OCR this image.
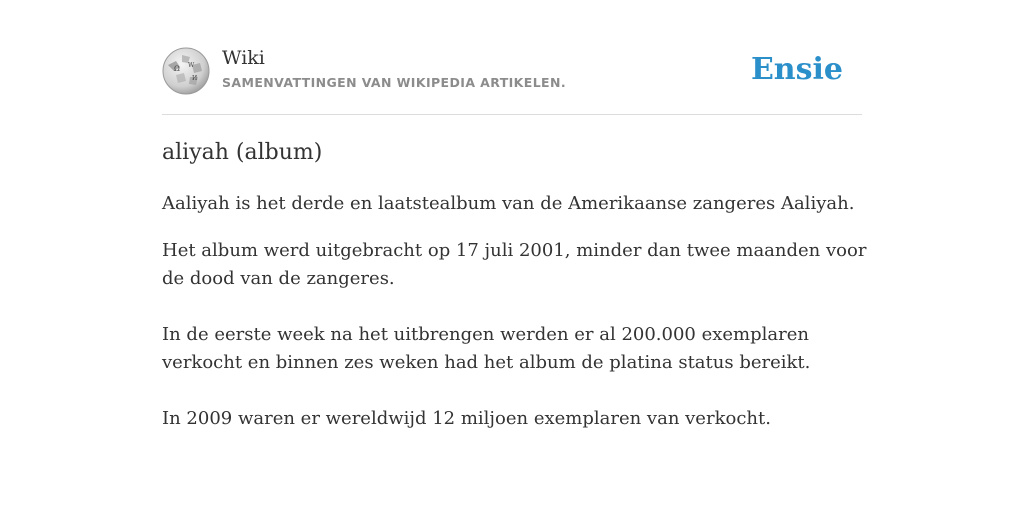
Ω W
И
Wiki
SAMENVATTINGEN VAN WIKIPEDIA ARTIKELEN.	Ensie
aliyah (album)

Aaliyah is het derde en laatstealbum van de Amerikaanse zangeres Aaliyah.

Het album werd uitgebracht op 17 juli 2001, minder dan twee maanden voor de dood van de zangeres.

In de eerste week na het uitbrengen werden er al 200.000 exemplaren verkocht en binnen zes weken had het album de platina status bereikt.

In 2009 waren er wereldwijd 12 miljoen exemplaren van verkocht.
